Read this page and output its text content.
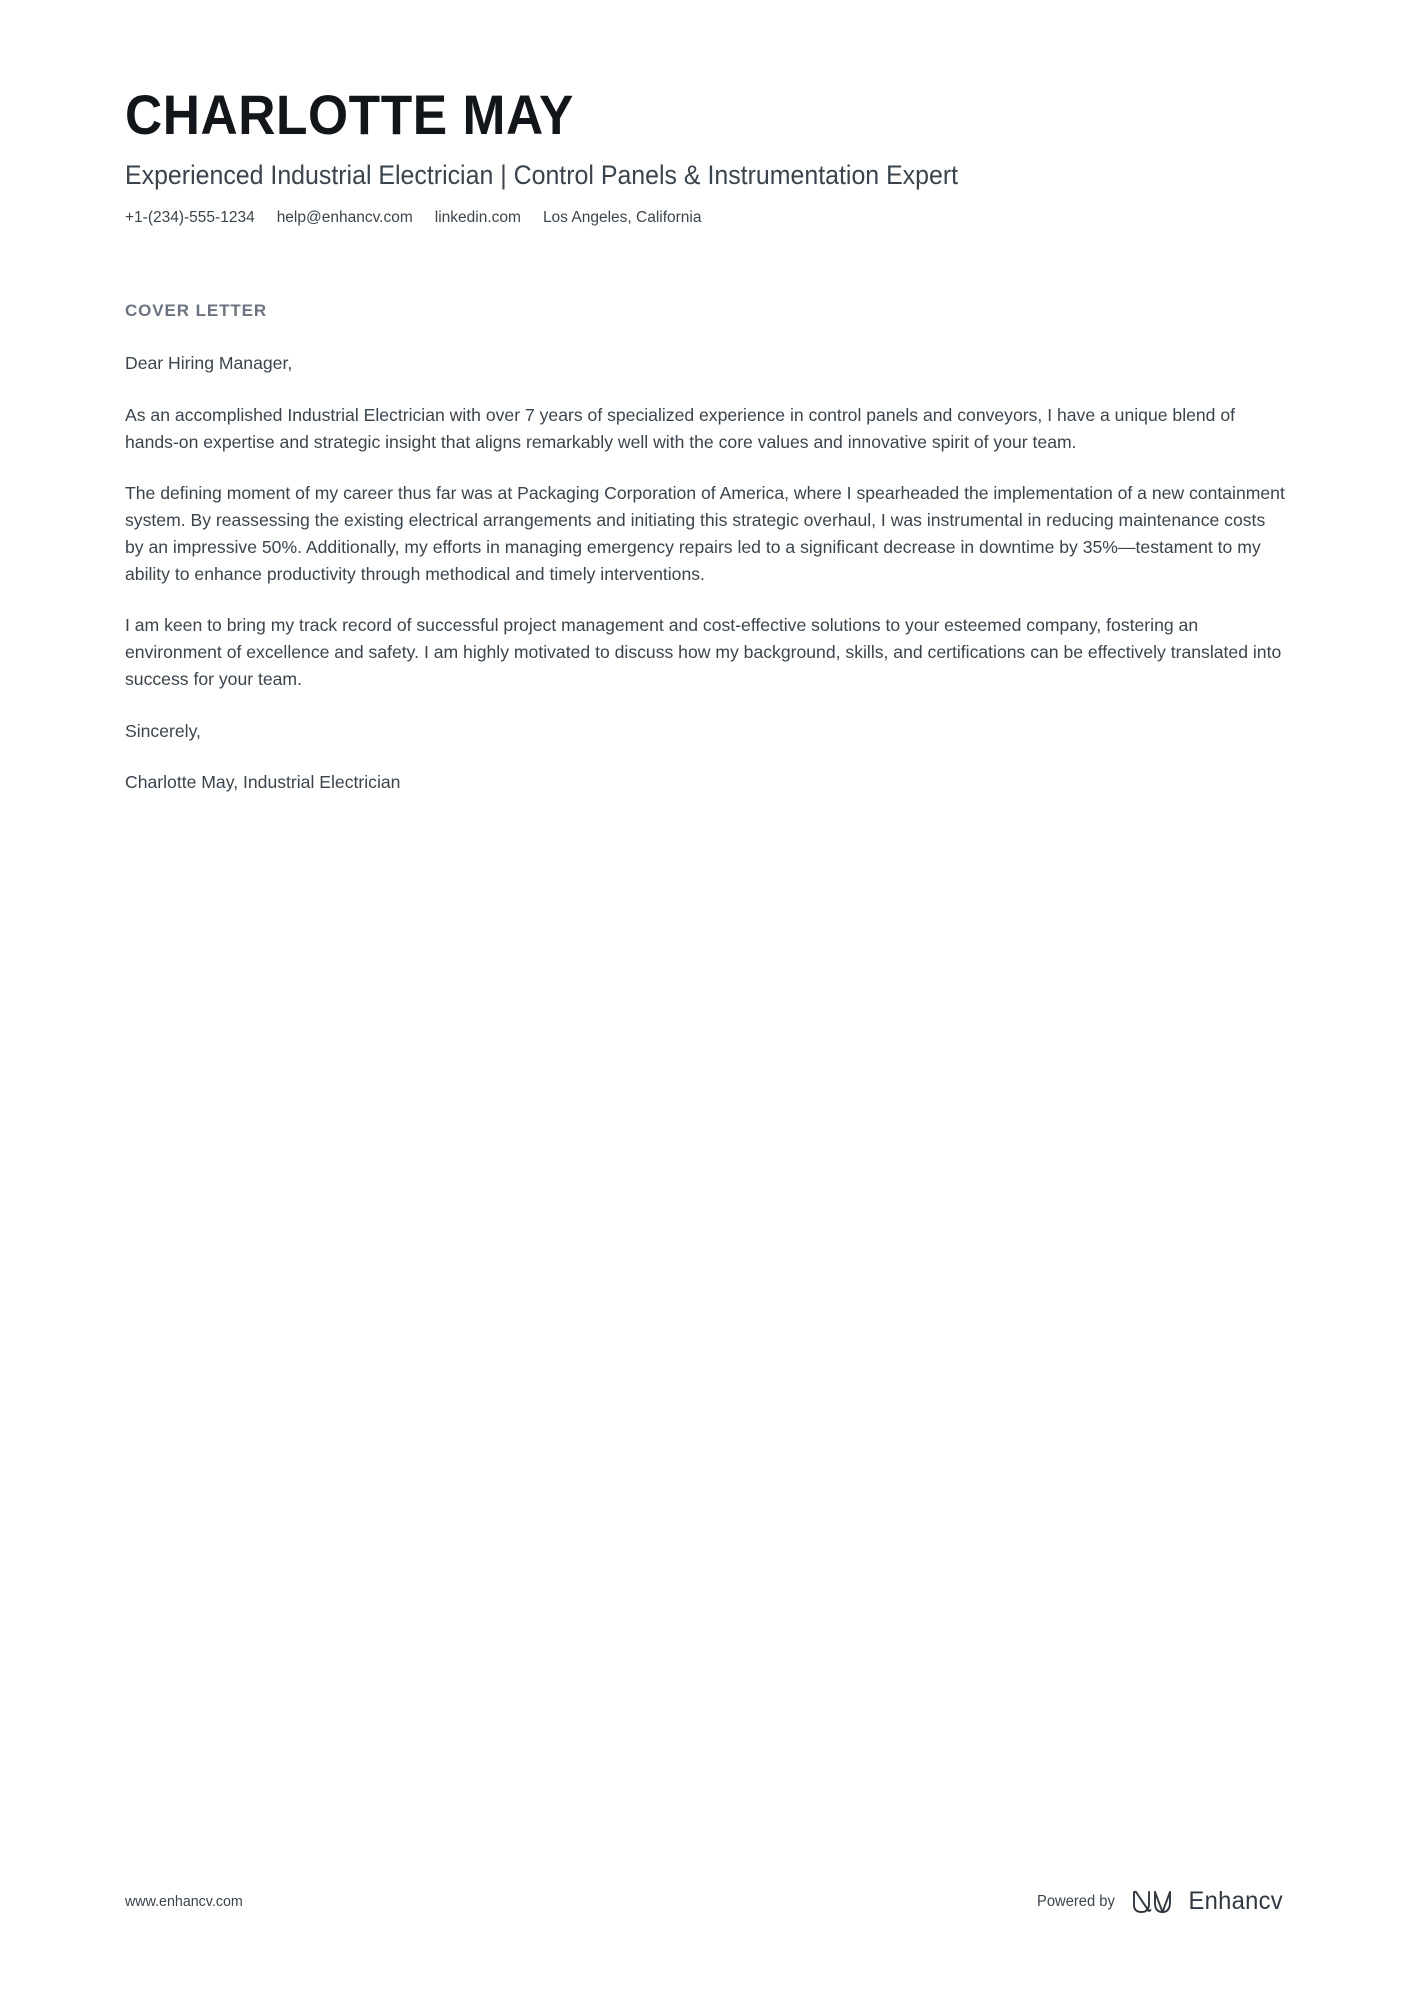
CHARLOTTE MAY
Experienced Industrial Electrician | Control Panels & Instrumentation Expert
+1-(234)-555-1234 help@enhancv.com linkedin.com Los Angeles, California
COVER LETTER

Dear Hiring Manager,

As an accomplished Industrial Electrician with over 7 years of specialized experience in control panels and conveyors, I have a unique blend of hands-on expertise and strategic insight that aligns remarkably well with the core values and innovative spirit of your team.

The defining moment of my career thus far was at Packaging Corporation of America, where I spearheaded the implementation of a new containment system. By reassessing the existing electrical arrangements and initiating this strategic overhaul, I was instrumental in reducing maintenance costs by an impressive 50%. Additionally, my efforts in managing emergency repairs led to a significant decrease in downtime by 35%—testament to my ability to enhance productivity through methodical and timely interventions.

I am keen to bring my track record of successful project management and cost-effective solutions to your esteemed company, fostering an environment of excellence and safety. I am highly motivated to discuss how my background, skills, and certifications can be effectively translated into success for your team.

Sincerely,

Charlotte May, Industrial Electrician

www.enhancv.com	Powered by	Enhancv
